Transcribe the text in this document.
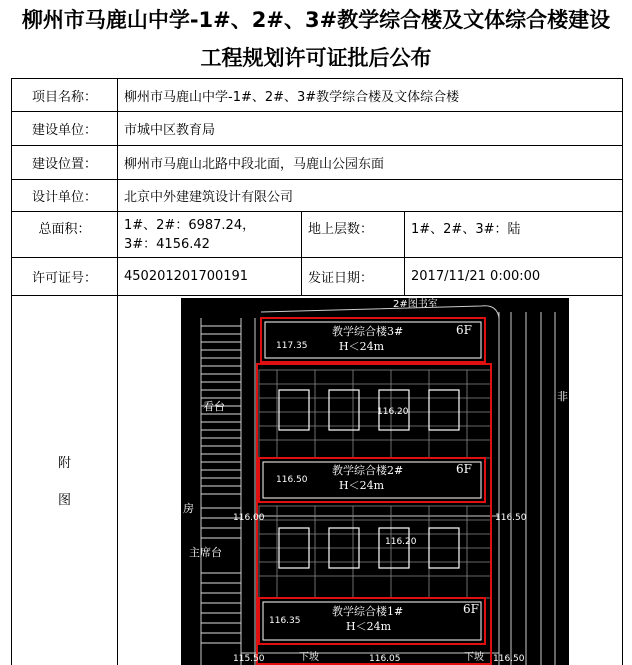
柳州市马鹿山中学-1#、2#、3#教学综合楼及文体综合楼建设
工程规划许可证批后公布
项目名称：	柳州市马鹿山中学-1#、2#、3#教学综合楼及文体综合楼		
建设单位：	市城中区教育局		
建设位置：	柳州市马鹿山北路中段北面，马鹿山公园东面		
设计单位：	北京中外建建筑设计有限公司		
总面积：	1#、2#：6987.24，
3#：4156.42	地上层数：	1#、2#、3#：陆
许可证号：	450201201700191	发证日期：	2017/11/21 0:00:00

附
图			

2#图书室
教学综合楼3#	6F
H＜24m
117.35
教学综合楼2#	6F
H＜24m
116.50
教学综合楼1#	6F
H＜24m
116.35
116.20
116.20
116.00	116.50
115.50	116.05	116.50
看台
房
主席台
下坡	下坡
非
